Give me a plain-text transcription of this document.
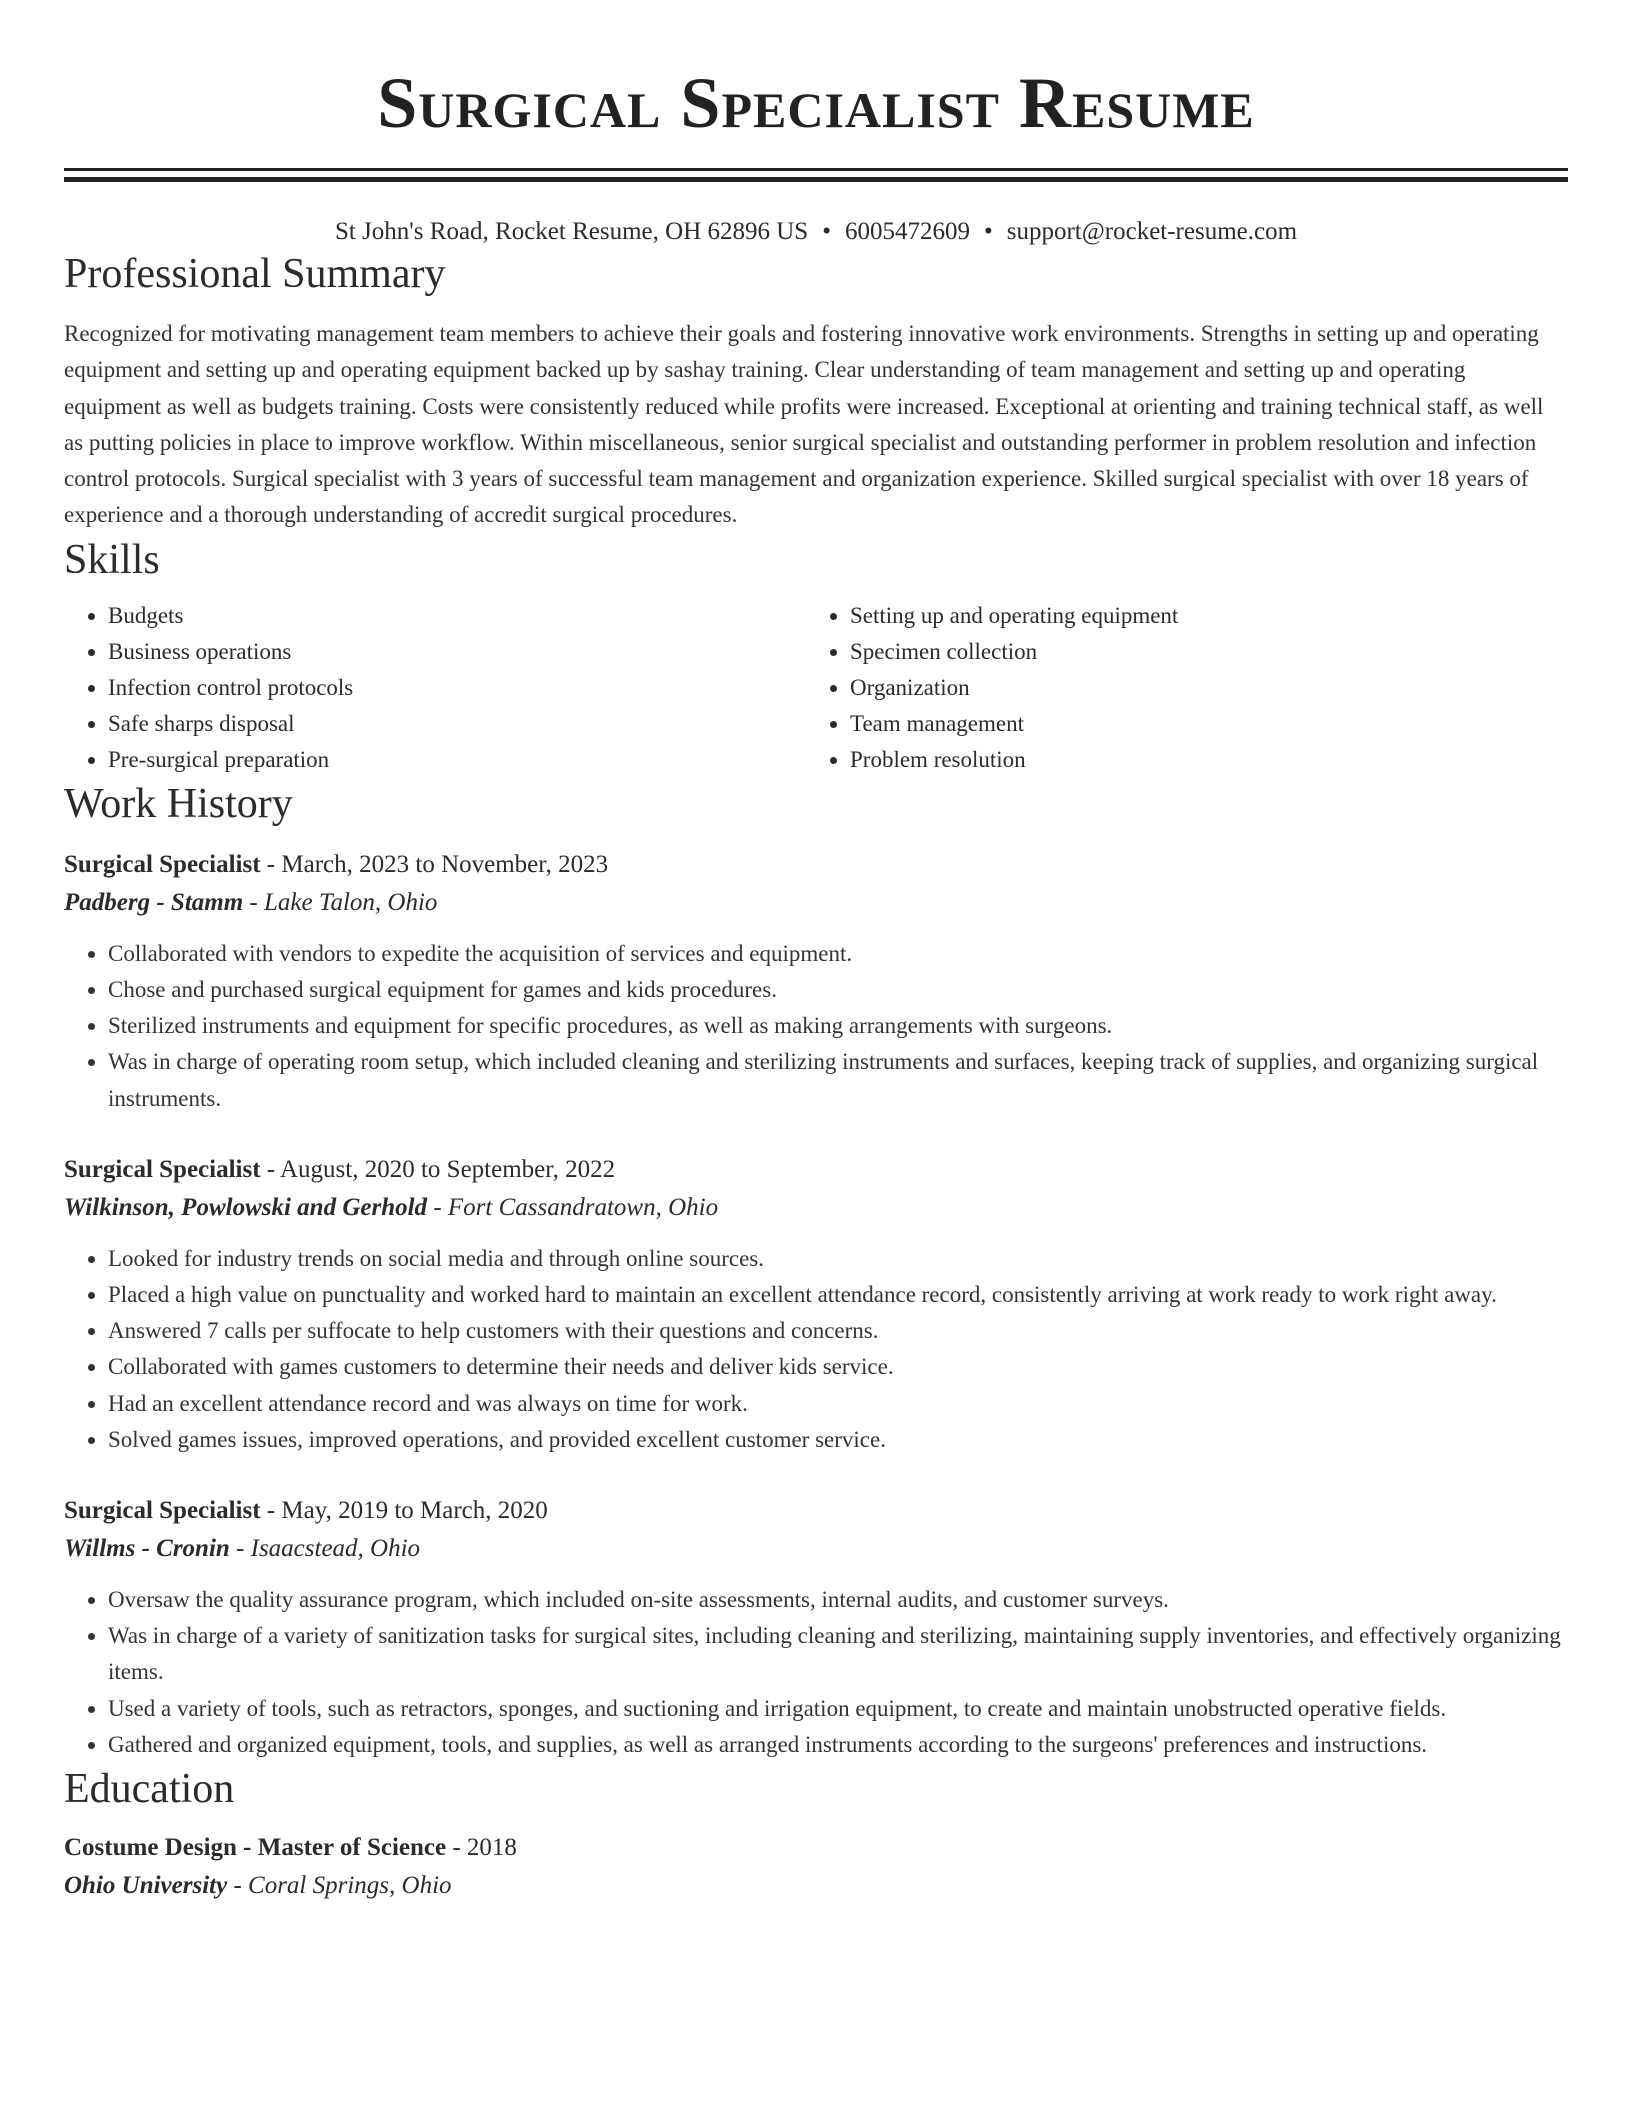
Surgical Specialist Resume
St John's Road, Rocket Resume, OH 62896 US • 6005472609 • support@rocket-resume.com
Professional Summary

Recognized for motivating management team members to achieve their goals and fostering innovative work environments. Strengths in setting up and operating equipment and setting up and operating equipment backed up by sashay training. Clear understanding of team management and setting up and operating equipment as well as budgets training. Costs were consistently reduced while profits were increased. Exceptional at orienting and training technical staff, as well as putting policies in place to improve workflow. Within miscellaneous, senior surgical specialist and outstanding performer in problem resolution and infection control protocols. Surgical specialist with 3 years of successful team management and organization experience. Skilled surgical specialist with over 18 years of experience and a thorough understanding of accredit surgical procedures.

Skills
• Budgets
• Business operations
• Infection control protocols
• Safe sharps disposal
• Pre-surgical preparation
• Setting up and operating equipment
• Specimen collection
• Organization
• Team management
• Problem resolution
Work History
Surgical Specialist - March, 2023 to November, 2023
Padberg - Stamm - Lake Talon, Ohio
• Collaborated with vendors to expedite the acquisition of services and equipment.
• Chose and purchased surgical equipment for games and kids procedures.
• Sterilized instruments and equipment for specific procedures, as well as making arrangements with surgeons.
• Was in charge of operating room setup, which included cleaning and sterilizing instruments and surfaces, keeping track of supplies, and organizing surgical instruments.
Surgical Specialist - August, 2020 to September, 2022
Wilkinson, Powlowski and Gerhold - Fort Cassandratown, Ohio
• Looked for industry trends on social media and through online sources.
• Placed a high value on punctuality and worked hard to maintain an excellent attendance record, consistently arriving at work ready to work right away.
• Answered 7 calls per suffocate to help customers with their questions and concerns.
• Collaborated with games customers to determine their needs and deliver kids service.
• Had an excellent attendance record and was always on time for work.
• Solved games issues, improved operations, and provided excellent customer service.
Surgical Specialist - May, 2019 to March, 2020
Willms - Cronin - Isaacstead, Ohio
• Oversaw the quality assurance program, which included on-site assessments, internal audits, and customer surveys.
• Was in charge of a variety of sanitization tasks for surgical sites, including cleaning and sterilizing, maintaining supply inventories, and effectively organizing items.
• Used a variety of tools, such as retractors, sponges, and suctioning and irrigation equipment, to create and maintain unobstructed operative fields.
• Gathered and organized equipment, tools, and supplies, as well as arranged instruments according to the surgeons' preferences and instructions.
Education
Costume Design - Master of Science - 2018
Ohio University - Coral Springs, Ohio
